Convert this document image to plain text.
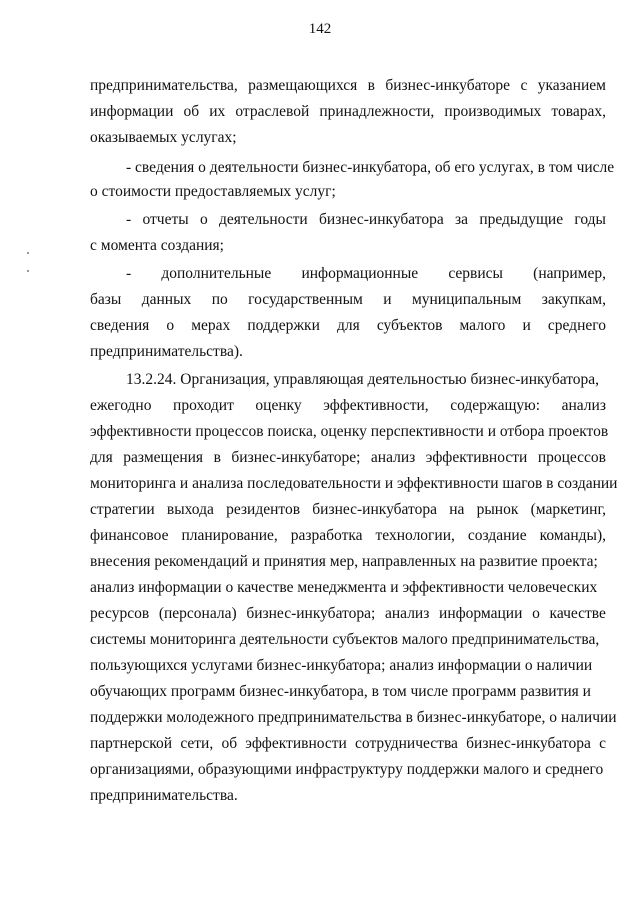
142
предпринимательства, размещающихся в бизнес-инкубаторе с указанием
информации об их отраслевой принадлежности, производимых товарах,
оказываемых услугах;
- сведения о деятельности бизнес-инкубатора, об его услугах, в том числе
о стоимости предоставляемых услуг;
- отчеты о деятельности бизнес-инкубатора за предыдущие годы
с момента создания;
- дополнительные информационные сервисы (например,
базы данных по государственным и муниципальным закупкам,
сведения о мерах поддержки для субъектов малого и среднего
предпринимательства).
13.2.24. Организация, управляющая деятельностью бизнес-инкубатора,
ежегодно проходит оценку эффективности, содержащую: анализ
эффективности процессов поиска, оценку перспективности и отбора проектов
для размещения в бизнес-инкубаторе; анализ эффективности процессов
мониторинга и анализа последовательности и эффективности шагов в создании
стратегии выхода резидентов бизнес-инкубатора на рынок (маркетинг,
финансовое планирование, разработка технологии, создание команды),
внесения рекомендаций и принятия мер, направленных на развитие проекта;
анализ информации о качестве менеджмента и эффективности человеческих
ресурсов (персонала) бизнес-инкубатора; анализ информации о качестве
системы мониторинга деятельности субъектов малого предпринимательства,
пользующихся услугами бизнес-инкубатора; анализ информации о наличии
обучающих программ бизнес-инкубатора, в том числе программ развития и
поддержки молодежного предпринимательства в бизнес-инкубаторе, о наличии
партнерской сети, об эффективности сотрудничества бизнес-инкубатора с
организациями, образующими инфраструктуру поддержки малого и среднего
предпринимательства.
